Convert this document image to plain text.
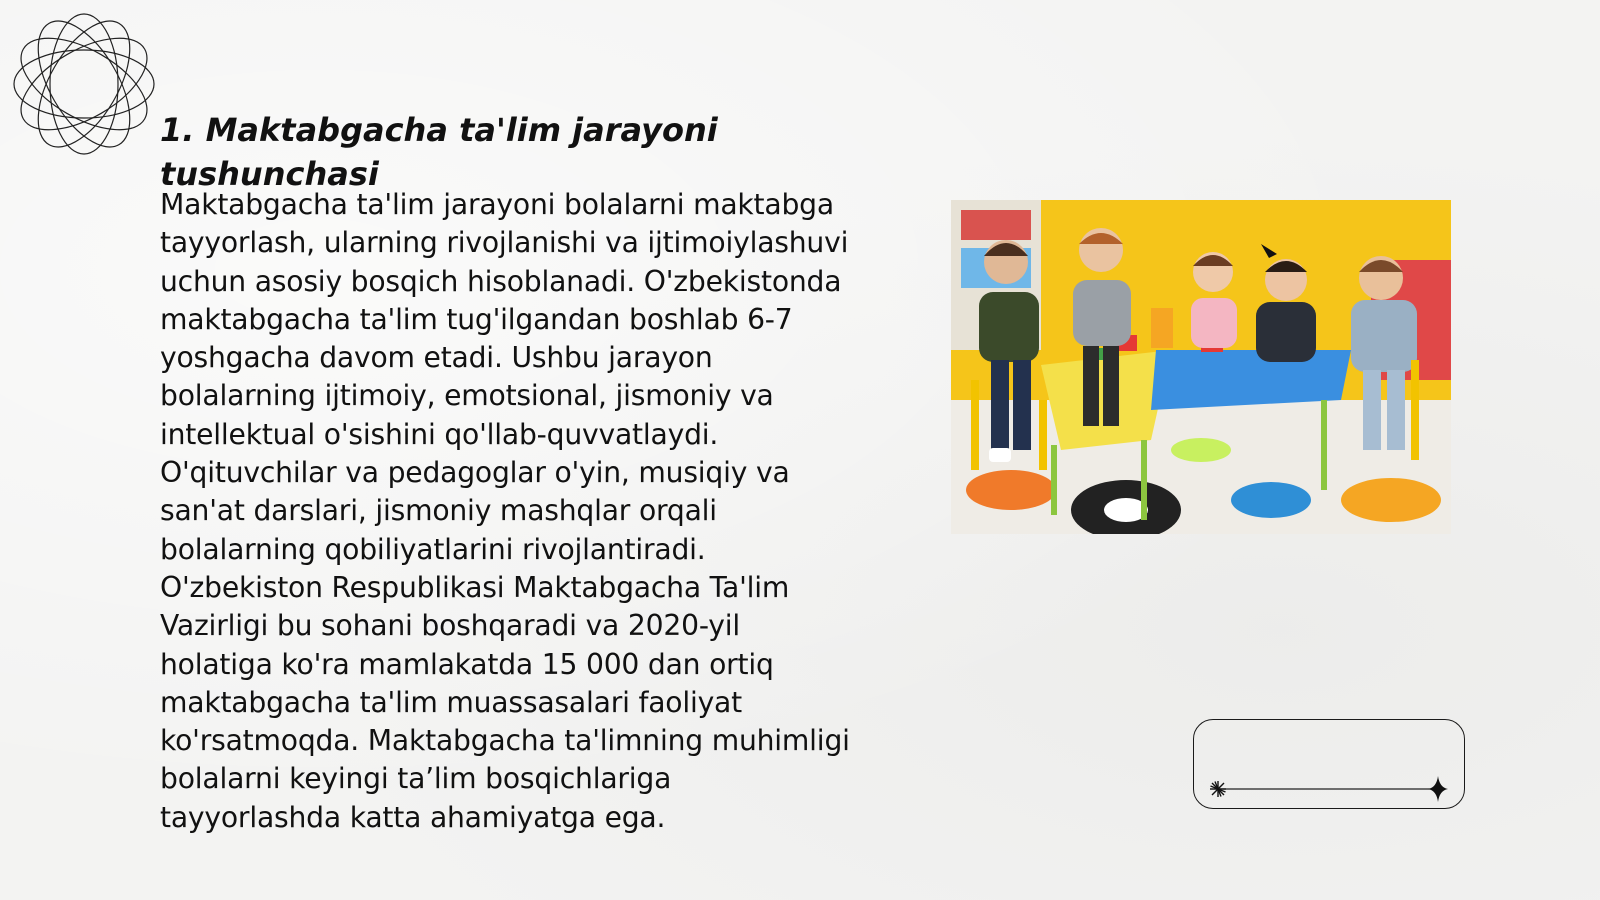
1. Maktabgacha ta'lim jarayoni tushunchasi

Maktabgacha ta'lim jarayoni bolalarni maktabga tayyorlash, ularning rivojlanishi va ijtimoiylashuvi uchun asosiy bosqich hisoblanadi. O'zbekistonda maktabgacha ta'lim tug'ilgandan boshlab 6-7 yoshgacha davom etadi. Ushbu jarayon bolalarning ijtimoiy, emotsional, jismoniy va intellektual o'sishini qo'llab-quvvatlaydi. O'qituvchilar va pedagoglar o'yin, musiqiy va san'at darslari, jismoniy mashqlar orqali bolalarning qobiliyatlarini rivojlantiradi. O'zbekiston Respublikasi Maktabgacha Ta'lim Vazirligi bu sohani boshqaradi va 2020-yil holatiga ko'ra mamlakatda 15 000 dan ortiq maktabgacha ta'lim muassasalari faoliyat ko'rsatmoqda. Maktabgacha ta'limning muhimligi bolalarni keyingi ta’lim bosqichlariga tayyorlashda katta ahamiyatga ega.
